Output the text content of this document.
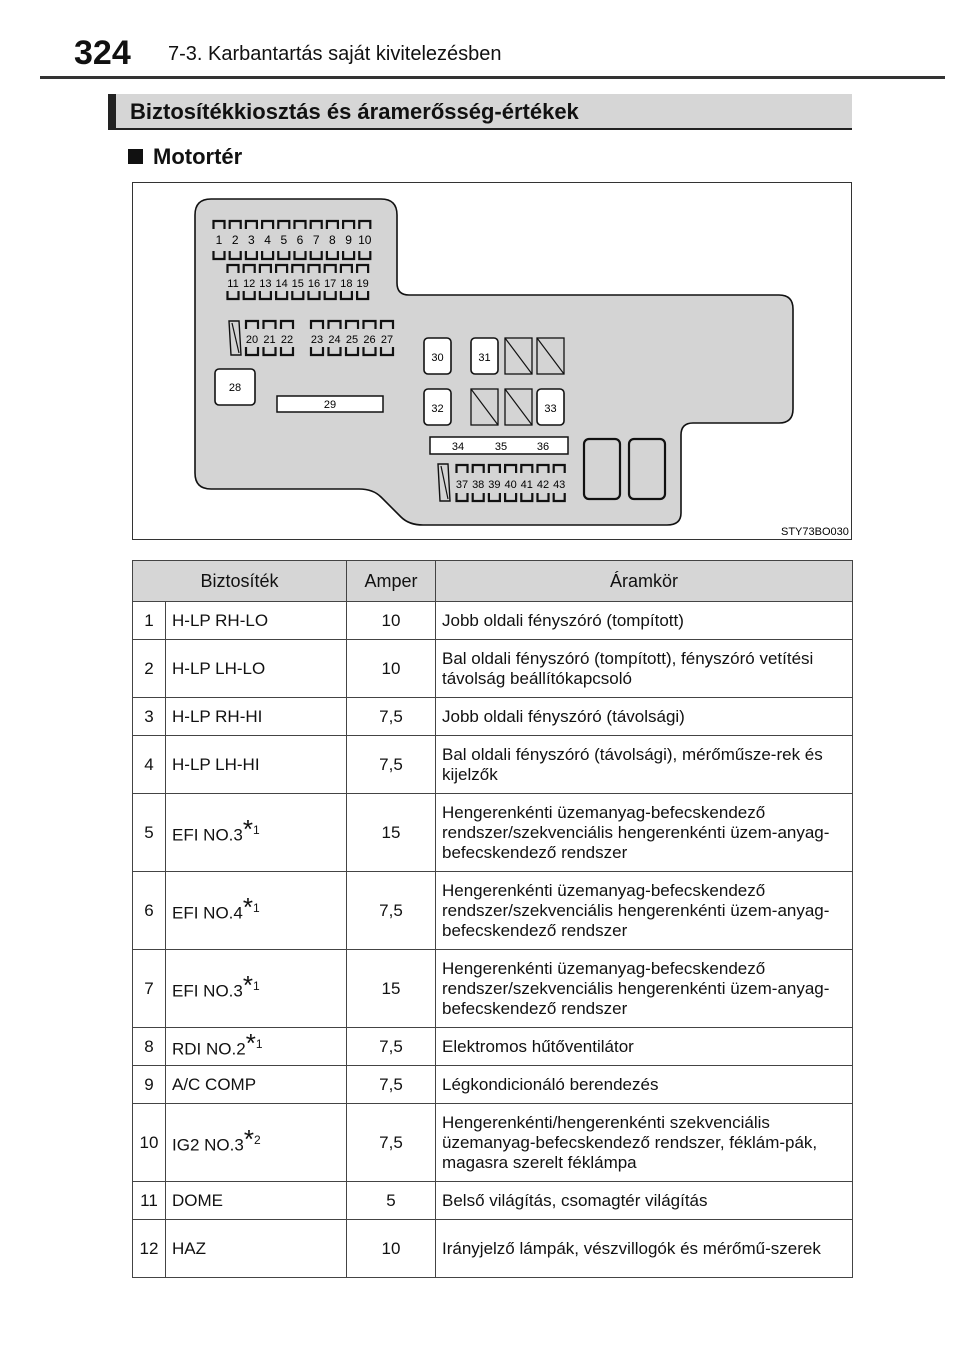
324 7-3. Karbantartás saját kivitelezésben
Biztosítékkiosztás és áramerősség-értékek
Motortér
1 2 3 4 5 6 7 8 9 10
11 12 13 14 15 16 17 18 19
20 21 22 23 24 25 26 27
28
29
30	31
32	33
34	35	36
37 38 39 40 41 42 43
STY73BO030
Biztosíték		Amper	Áramkör
1	H-LP RH-LO	10	Jobb oldali fényszóró (tompított)
2	H-LP LH-LO	10	Bal oldali fényszóró (tompított), fényszóró vetítési távolság beállítókapcsoló
3	H-LP RH-HI	7,5	Jobb oldali fényszóró (távolsági)
4	H-LP LH-HI	7,5	Bal oldali fényszóró (távolsági), mérőműsze-rek és kijelzők
5	EFI NO.3$^{*1}$	15	Hengerenkénti üzemanyag-befecskendező rendszer/szekvenciális hengerenkénti üzem-anyag-befecskendező rendszer
6	EFI NO.4$^{*1}$	7,5	Hengerenkénti üzemanyag-befecskendező rendszer/szekvenciális hengerenkénti üzem-anyag-befecskendező rendszer
7	EFI NO.3$^{*1}$	15	Hengerenkénti üzemanyag-befecskendező rendszer/szekvenciális hengerenkénti üzem-anyag-befecskendező rendszer
8	RDI NO.2$^{*1}$	7,5	Elektromos hűtőventilátor
9	A/C COMP	7,5	Légkondicionáló berendezés
10	IG2 NO.3$^{*2}$	7,5	Hengerenkénti/hengerenkénti szekvenciális üzemanyag-befecskendező rendszer, féklám-pák, magasra szerelt féklámpa
11	DOME	5	Belső világítás, csomagtér világítás
12	HAZ	10	Irányjelző lámpák, vészvillogók és mérőmű-szerek
